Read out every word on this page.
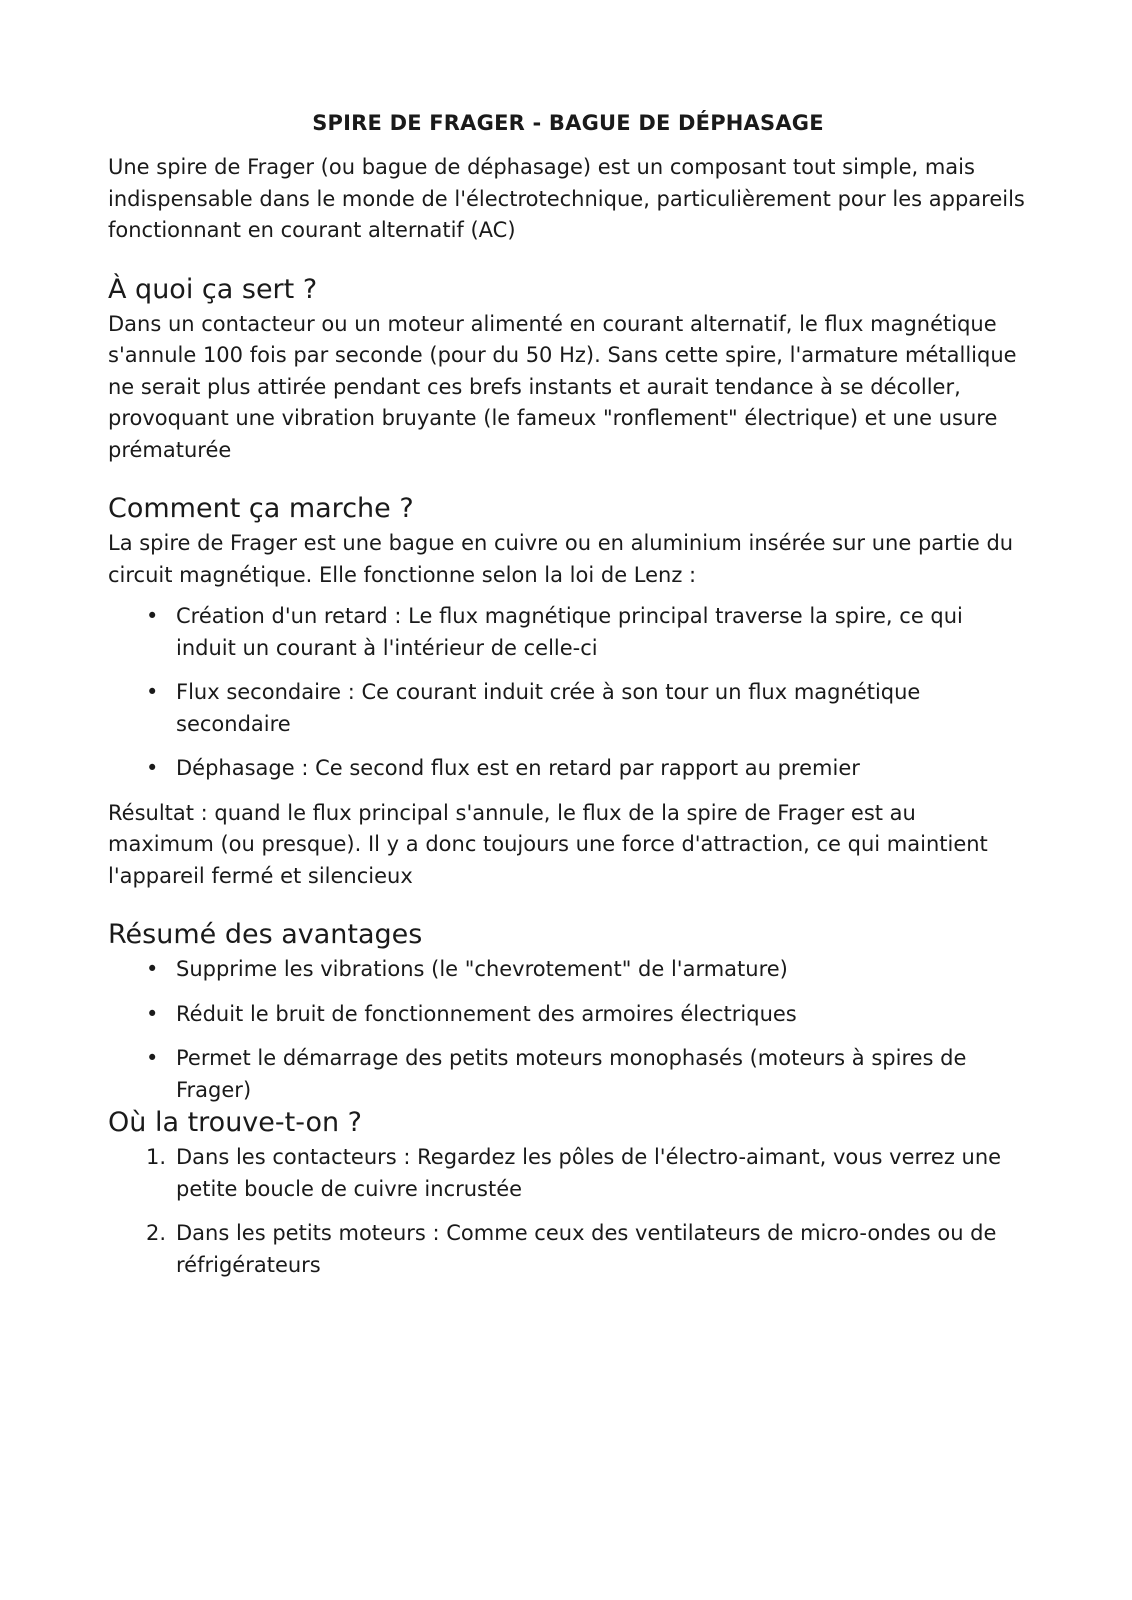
SPIRE DE FRAGER - BAGUE DE DÉPHASAGE

Une spire de Frager (ou bague de déphasage) est un composant tout simple, mais indispensable dans le monde de l'électrotechnique, particulièrement pour les appareils fonctionnant en courant alternatif (AC)

À quoi ça sert ?

Dans un contacteur ou un moteur alimenté en courant alternatif, le flux magnétique s'annule 100 fois par seconde (pour du 50 Hz). Sans cette spire, l'armature métallique ne serait plus attirée pendant ces brefs instants et aurait tendance à se décoller, provoquant une vibration bruyante (le fameux "ronflement" électrique) et une usure prématurée

Comment ça marche ?

La spire de Frager est une bague en cuivre ou en aluminium insérée sur une partie du circuit magnétique. Elle fonctionne selon la loi de Lenz :

• Création d'un retard : Le flux magnétique principal traverse la spire, ce qui induit un courant à l'intérieur de celle-ci
• Flux secondaire : Ce courant induit crée à son tour un flux magnétique secondaire
• Déphasage : Ce second flux est en retard par rapport au premier

Résultat : quand le flux principal s'annule, le flux de la spire de Frager est au maximum (ou presque). Il y a donc toujours une force d'attraction, ce qui maintient l'appareil fermé et silencieux

Résumé des avantages
• Supprime les vibrations (le "chevrotement" de l'armature)
• Réduit le bruit de fonctionnement des armoires électriques
• Permet le démarrage des petits moteurs monophasés (moteurs à spires de Frager)
Où la trouve-t-on ?
1. Dans les contacteurs : Regardez les pôles de l'électro-aimant, vous verrez une petite boucle de cuivre incrustée
2. Dans les petits moteurs : Comme ceux des ventilateurs de micro-ondes ou de réfrigérateurs
